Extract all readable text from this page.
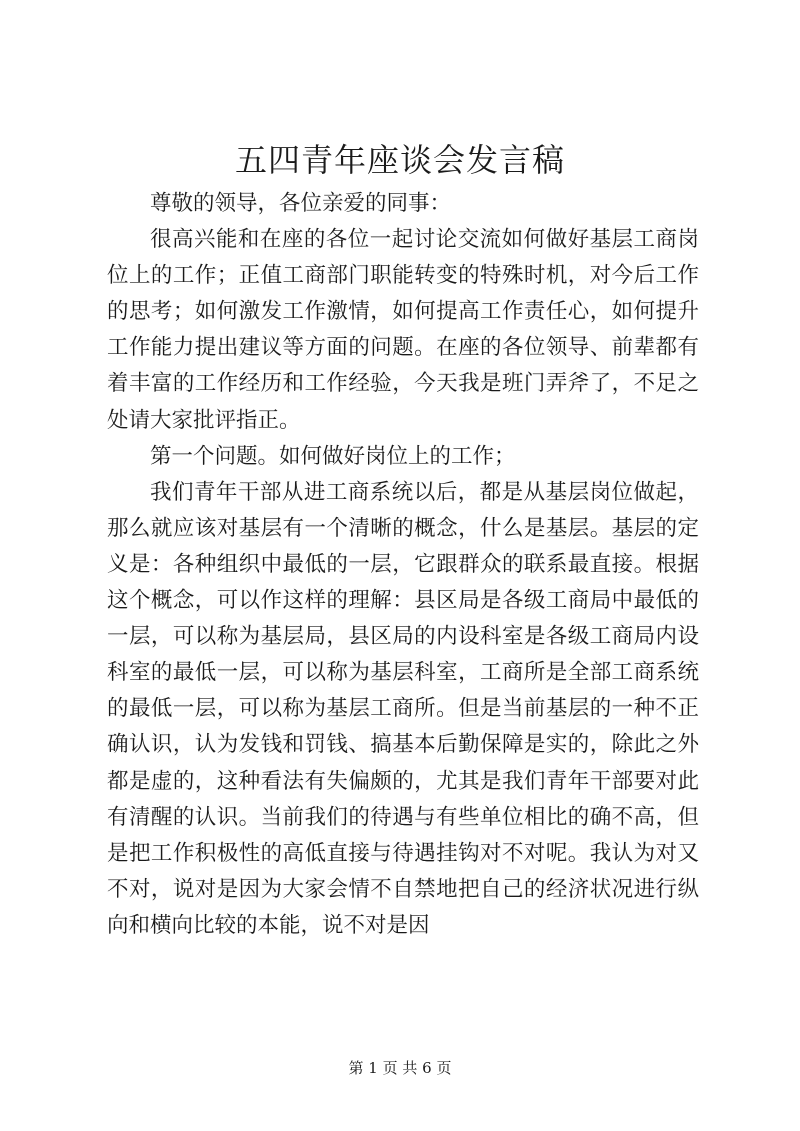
五四青年座谈会发言稿

尊敬的领导，各位亲爱的同事：

很高兴能和在座的各位一起讨论交流如何做好基层工商岗位上的工作；正值工商部门职能转变的特殊时机，对今后工作的思考；如何激发工作激情，如何提高工作责任心，如何提升工作能力提出建议等方面的问题。在座的各位领导、前辈都有着丰富的工作经历和工作经验，今天我是班门弄斧了，不足之处请大家批评指正。

第一个问题。如何做好岗位上的工作；

我们青年干部从进工商系统以后，都是从基层岗位做起，那么就应该对基层有一个清晰的概念，什么是基层。基层的定义是：各种组织中最低的一层，它跟群众的联系最直接。根据这个概念，可以作这样的理解：县区局是各级工商局中最低的一层，可以称为基层局，县区局的内设科室是各级工商局内设科室的最低一层，可以称为基层科室，工商所是全部工商系统的最低一层，可以称为基层工商所。但是当前基层的一种不正确认识，认为发钱和罚钱、搞基本后勤保障是实的，除此之外都是虚的，这种看法有失偏颇的，尤其是我们青年干部要对此有清醒的认识。当前我们的待遇与有些单位相比的确不高，但是把工作积极性的高低直接与待遇挂钩对不对呢。我认为对又不对，说对是因为大家会情不自禁地把自己的经济状况进行纵向和横向比较的本能，说不对是因

第 1 页 共 6 页
